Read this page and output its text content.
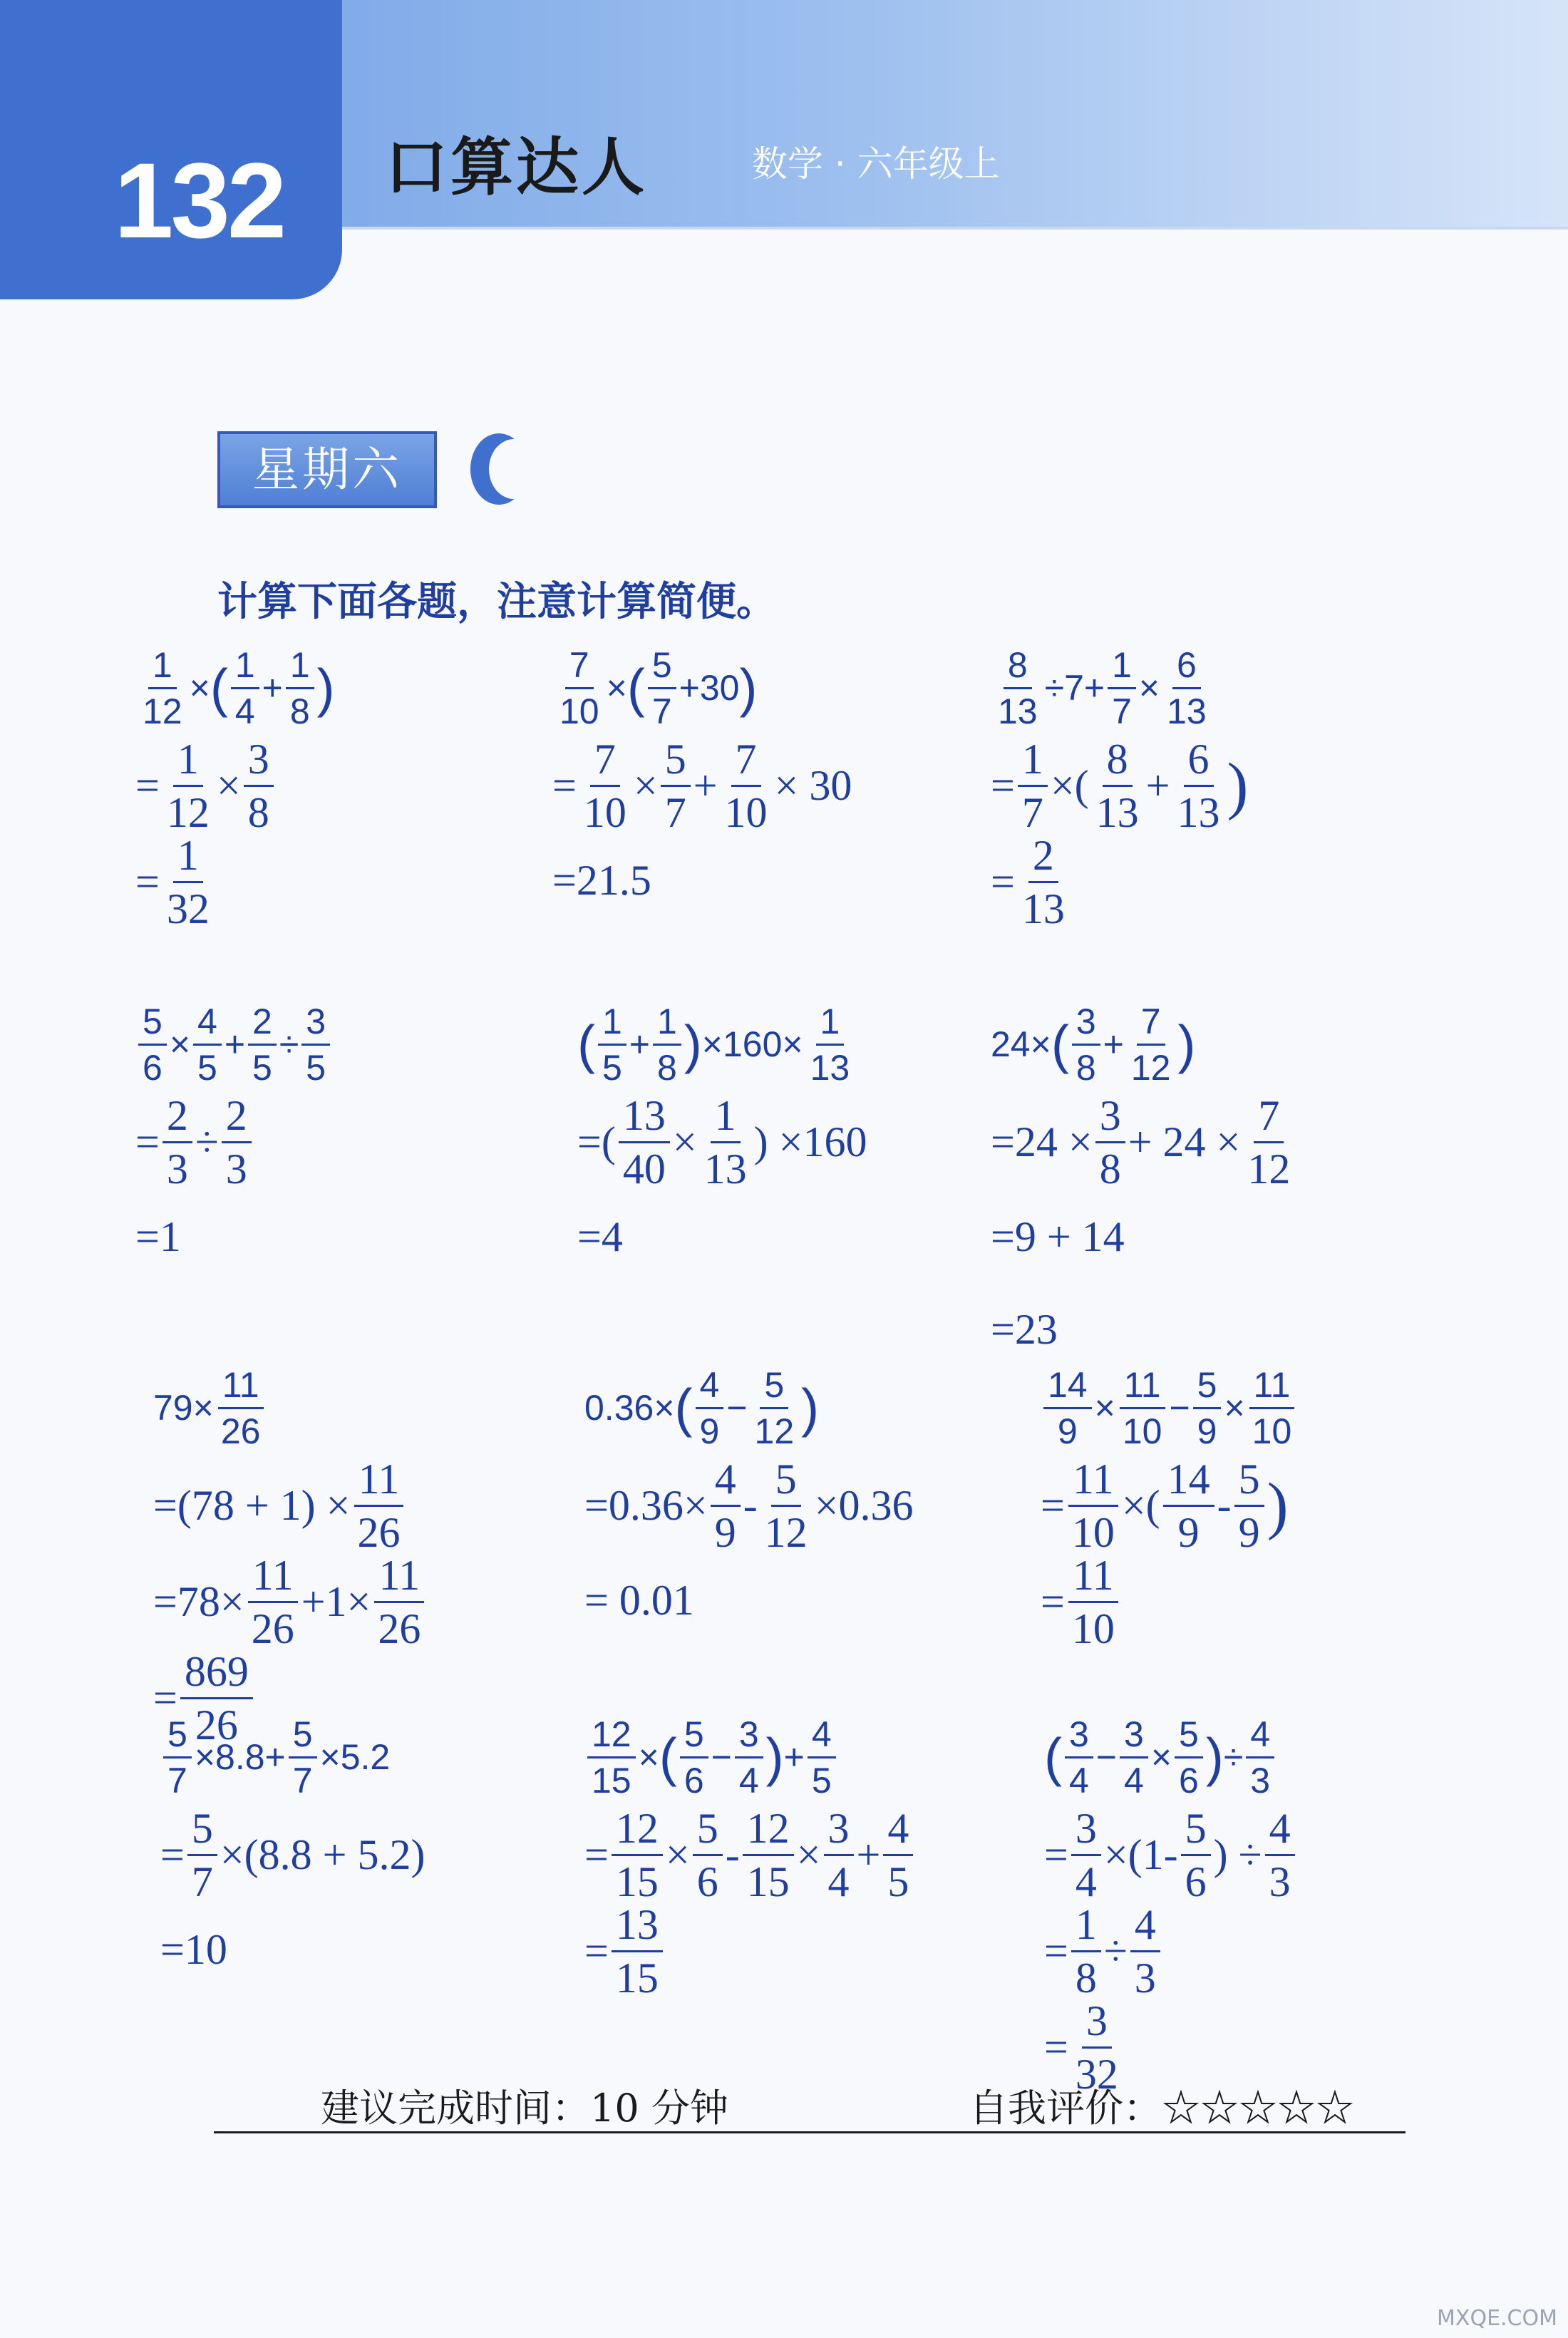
132	口算达人	数学 · 六年级上
星期六
计算下面各题，注意计算简便。
$\frac{1}{12}$ × ( $\frac{1}{4} + \frac{1}{8}$ )
= $\frac{1}{12} \times \frac{3}{8}$
= $\frac{1}{32}$
$\frac{7}{10}$ × ( $\frac{5}{7} +30$ )
= $\frac{7}{10} \times \frac{5}{7} + \frac{7}{10} \times 30$
=21.5
$\frac{8}{13} \div 7+ \frac{1}{7} \times \frac{6}{13}$
= $\frac{1}{7}$ ×( $\frac{8}{13} + \frac{6}{13}$ )
= $\frac{2}{13}$
$\frac{5}{6} \times \frac{4}{5} + \frac{2}{5} \div \frac{3}{5}$
= $\frac{2}{3} \div \frac{2}{3}$
=1
( $\frac{1}{5} + \frac{1}{8}$ ) $\times 160\times \frac{1}{13}$
=( $\frac{13}{40} \times \frac{1}{13}$ ) ×160
=4
24× ( $\frac{3}{8} + \frac{7}{12}$ )
$=24 \times \frac{3}{8} + 24 \times \frac{7}{12}$
=9 + 14
=23
$79\times \frac{11}{26}$
$=(78 + 1) \times \frac{11}{26}$
$=78\times \frac{11}{26} +1\times \frac{11}{26}$
= $\frac{869}{26}$
0.36× ( $\frac{4}{9} - \frac{5}{12}$ )
$=0.36\times \frac{4}{9} - \frac{5}{12} \times 0.36$
= 0.01
$\frac{14}{9} \times \frac{11}{10} - \frac{5}{9} \times \frac{11}{10}$
= $\frac{11}{10}$ ×( $\frac{14}{9} - \frac{5}{9}$ )
= $\frac{11}{10}$
$\frac{5}{7} \times 8.8+ \frac{5}{7} \times 5.2$
= $\frac{5}{7} \times(8.8 + 5.2)$
=10
$\frac{12}{15}$ × ( $\frac{5}{6} - \frac{3}{4}$ ) + $\frac{4}{5}$
= $\frac{12}{15} \times \frac{5}{6} - \frac{12}{15} \times \frac{3}{4} + \frac{4}{5}$
= $\frac{13}{15}$
( $\frac{3}{4} - \frac{3}{4} \times \frac{5}{6}$ ) ÷ $\frac{4}{3}$
= $\frac{3}{4} \times(1- \frac{5}{6}$ ) ÷ $\frac{4}{3}$
= $\frac{1}{8} \div \frac{4}{3}$
= $\frac{3}{32}$
建议完成时间：10 分钟	自我评价：☆☆☆☆☆
MXQE.COM
